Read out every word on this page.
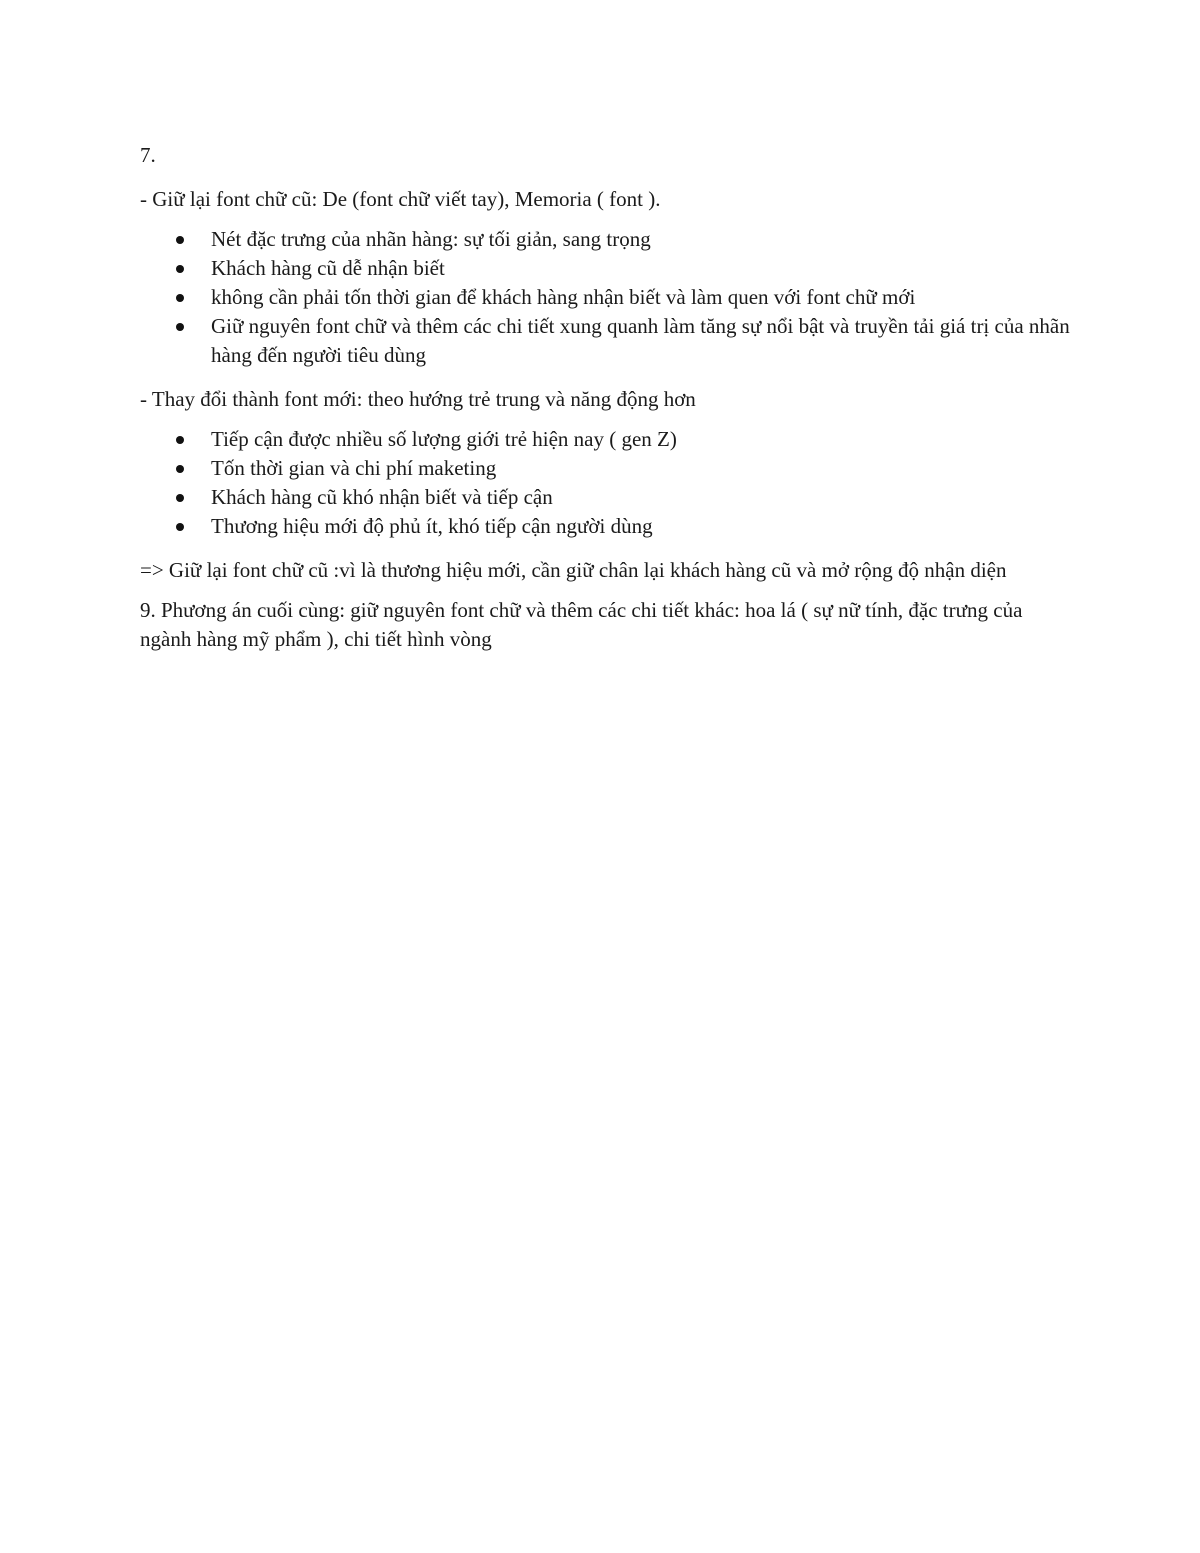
7.

- Giữ lại font chữ cũ: De (font chữ viết tay), Memoria ( font ).

Nét đặc trưng của nhãn hàng: sự tối giản, sang trọng
Khách hàng cũ dễ nhận biết
không cần phải tốn thời gian để khách hàng nhận biết và làm quen với font chữ mới
Giữ nguyên font chữ và thêm các chi tiết xung quanh làm tăng sự nổi bật và truyền tải giá trị của nhãn hàng đến người tiêu dùng

- Thay đổi thành font mới: theo hướng trẻ trung và năng động hơn

Tiếp cận được nhiều số lượng giới trẻ hiện nay ( gen Z)
Tốn thời gian và chi phí maketing
Khách hàng cũ khó nhận biết và tiếp cận
Thương hiệu mới độ phủ ít, khó tiếp cận người dùng

=> Giữ lại font chữ cũ :vì là thương hiệu mới, cần giữ chân lại khách hàng cũ và mở rộng độ nhận diện

9. Phương án cuối cùng: giữ nguyên font chữ và thêm các chi tiết khác: hoa lá ( sự nữ tính, đặc trưng của ngành hàng mỹ phẩm ), chi tiết hình vòng
